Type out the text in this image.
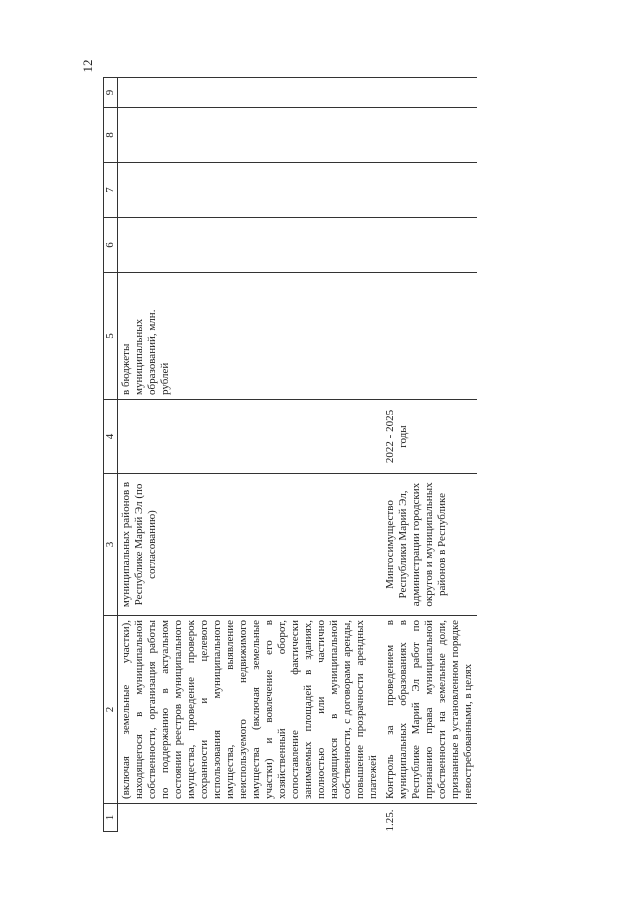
12
1	2	3	4	5	6	7	8	9
	(включая земельные участки), находящегося в муниципальной собственности, организация работы по поддержанию в актуальном состоянии реестров муниципального имущества, проведение проверок сохранности и целевого использования муниципального имущества, выявление неиспользуемого недвижимого имущества (включая земельные участки) и вовлечение его в хозяйственный оборот, сопоставление фактически занимаемых площадей в зданиях, полностью или частично находящихся в муниципальной собственности, с договорами аренды, повышение прозрачности арендных платежей	муниципальных районов в Республике Марий Эл (по согласованию)		в бюджеты муниципальных образований, млн. рублей				
1.25.	Контроль за проведением в муниципальных образованиях в Республике Марий Эл работ по признанию права муниципальной собственности на земельные доли, признанные в установленном порядке невостребованными, в целях	Мингосимущество Республики Марий Эл, администрации городских округов и муниципальных районов в Республике	2022 - 2025 годы					
